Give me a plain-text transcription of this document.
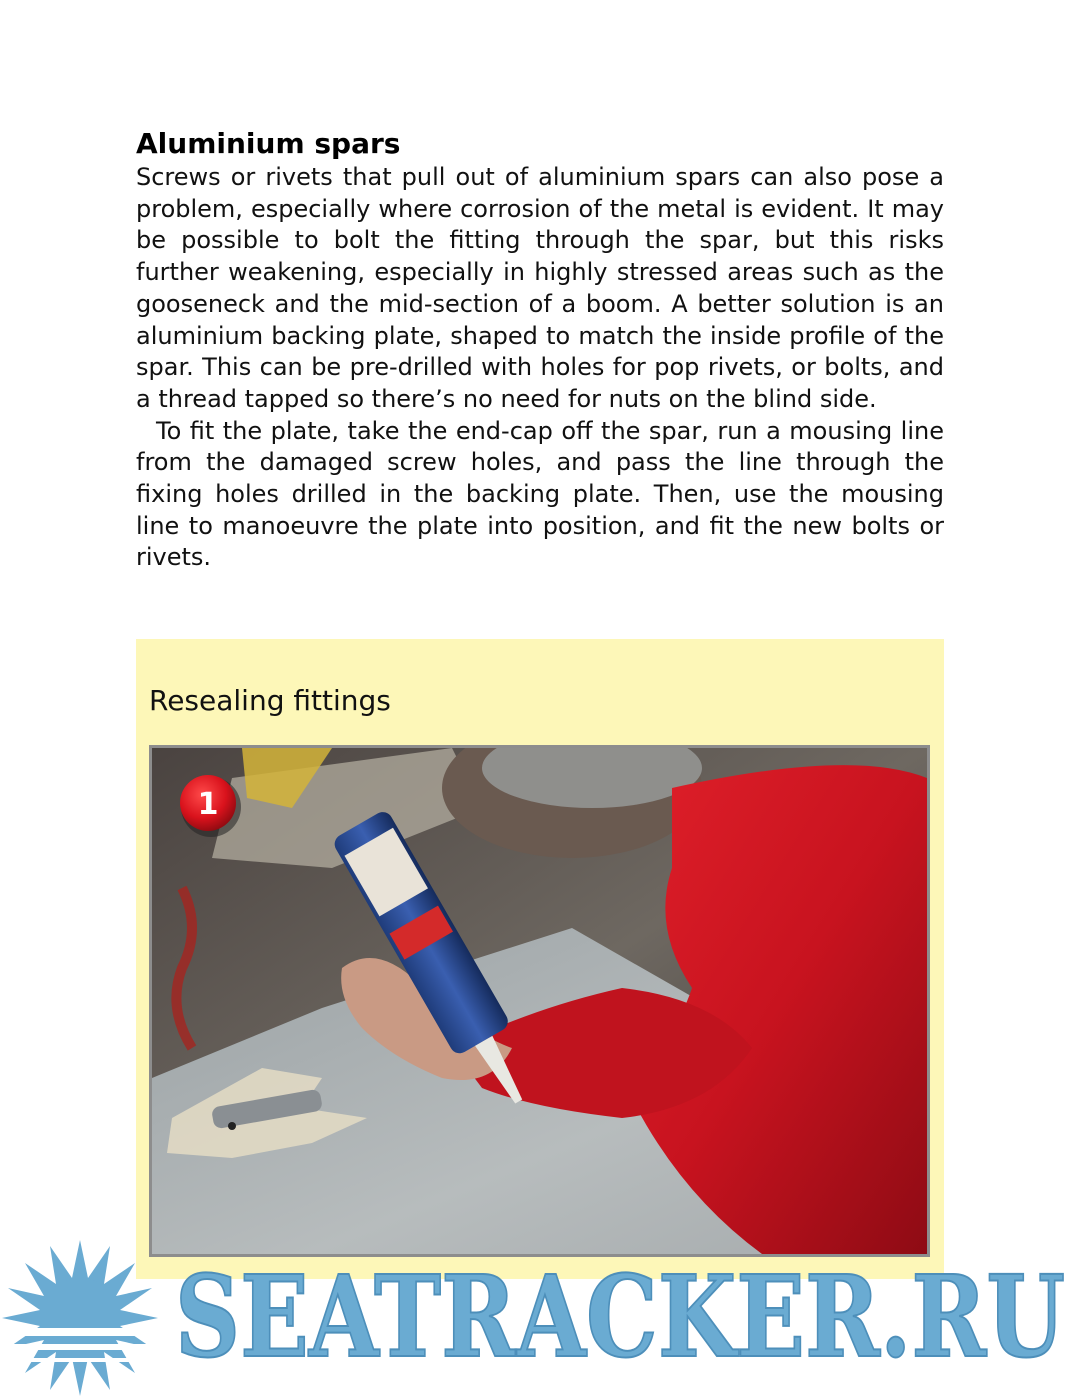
Aluminium spars

Screws or rivets that pull out of aluminium spars can also pose a problem, especially where corrosion of the metal is evident. It may be possible to bolt the fitting through the spar, but this risks further weakening, especially in highly stressed areas such as the gooseneck and the mid-section of a boom. A better solution is an aluminium backing plate, shaped to match the inside profile of the spar. This can be pre-drilled with holes for pop rivets, or bolts, and a thread tapped so there’s no need for nuts on the blind side.

To fit the plate, take the end-cap off the spar, run a mousing line from the damaged screw holes, and pass the line through the fixing holes drilled in the backing plate. Then, use the mousing line to manoeuvre the plate into position, and fit the new bolts or rivets.

Resealing fittings
1
SEATRACKER.RU
